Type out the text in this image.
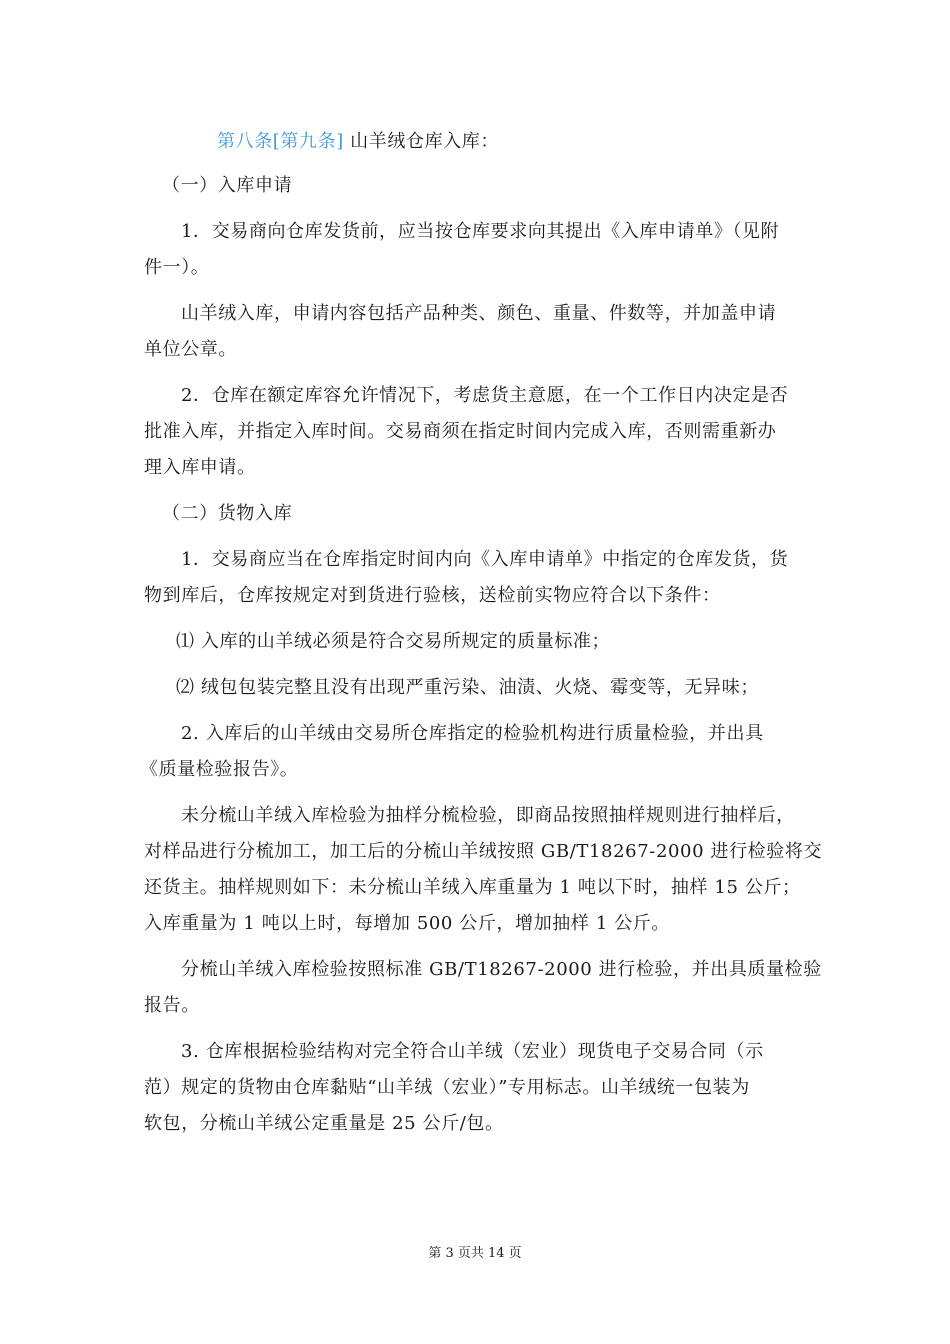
第八条[第九条] 山羊绒仓库入库：
（一）入库申请
1．交易商向仓库发货前，应当按仓库要求向其提出《入库申请单》（见附
件一）。
山羊绒入库，申请内容包括产品种类、颜色、重量、件数等，并加盖申请
单位公章。
2．仓库在额定库容允许情况下，考虑货主意愿，在一个工作日内决定是否
批准入库，并指定入库时间。交易商须在指定时间内完成入库，否则需重新办
理入库申请。
（二）货物入库
1．交易商应当在仓库指定时间内向《入库申请单》中指定的仓库发货，货
物到库后，仓库按规定对到货进行验核，送检前实物应符合以下条件：
⑴ 入库的山羊绒必须是符合交易所规定的质量标准；
⑵ 绒包包装完整且没有出现严重污染、油渍、火烧、霉变等，无异味；
2. 入库后的山羊绒由交易所仓库指定的检验机构进行质量检验，并出具
《质量检验报告》。
未分梳山羊绒入库检验为抽样分梳检验，即商品按照抽样规则进行抽样后，
对样品进行分梳加工，加工后的分梳山羊绒按照 GB/T18267-2000 进行检验将交
还货主。抽样规则如下：未分梳山羊绒入库重量为 1 吨以下时，抽样 15 公斤；
入库重量为 1 吨以上时，每增加 500 公斤，增加抽样 1 公斤。
分梳山羊绒入库检验按照标准 GB/T18267-2000 进行检验，并出具质量检验
报告。
3. 仓库根据检验结构对完全符合山羊绒（宏业）现货电子交易合同（示
范）规定的货物由仓库黏贴“山羊绒（宏业）”专用标志。山羊绒统一包装为
软包，分梳山羊绒公定重量是 25 公斤/包。
第 3 页共 14 页
